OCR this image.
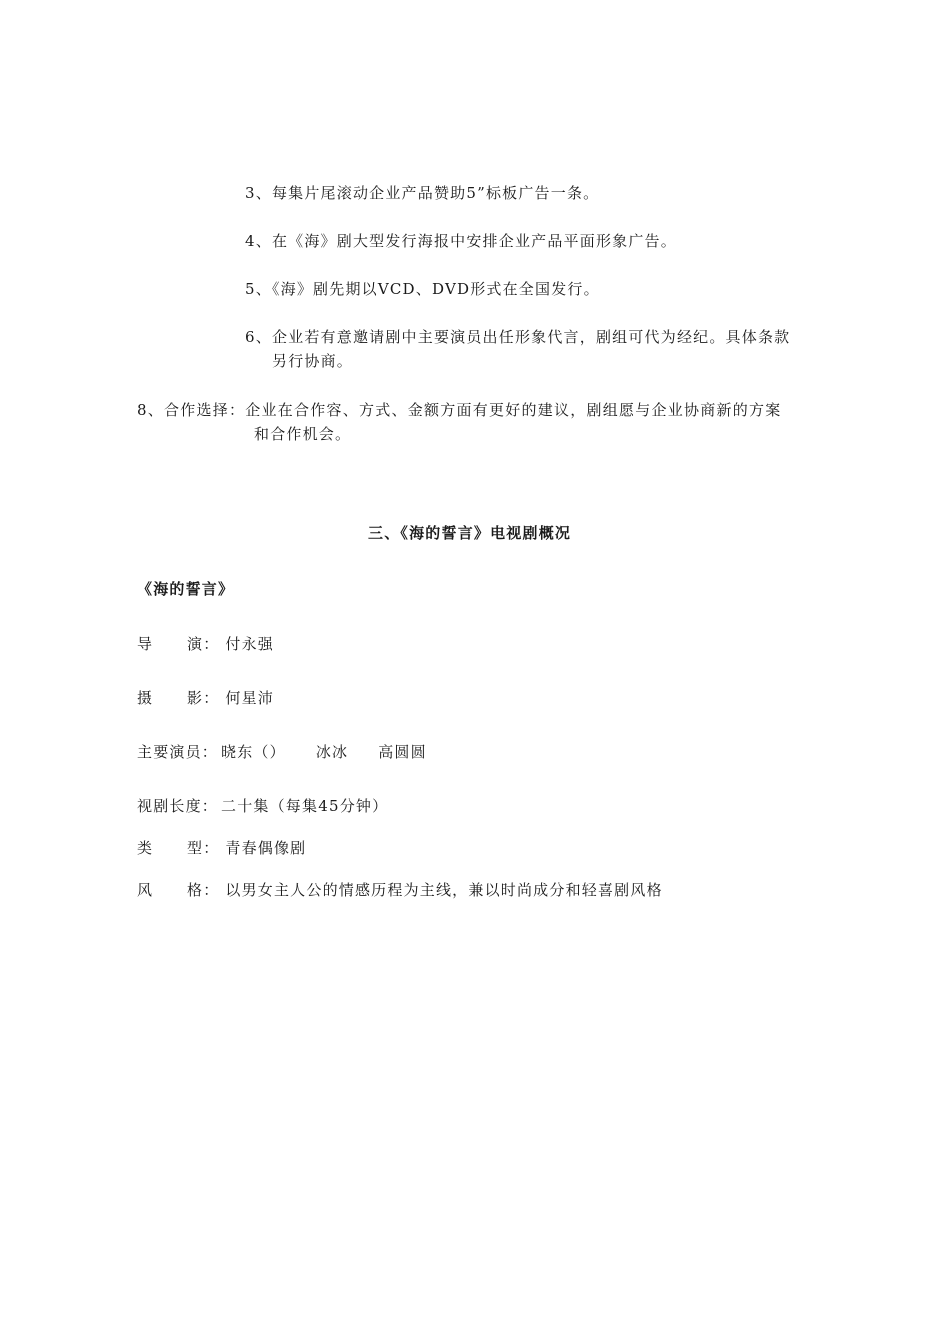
3、每集片尾滚动企业产品赞助5”标板广告一条。
4、在《海》剧大型发行海报中安排企业产品平面形象广告。
5、《海》剧先期以VCD、DVD形式在全国发行。
6、企业若有意邀请剧中主要演员出任形象代言，剧组可代为经纪。具体条款
另行协商。
8、合作选择：企业在合作容、方式、金额方面有更好的建议，剧组愿与企业协商新的方案
和合作机会。
三、《海的誓言》电视剧概况
《海的誓言》
导 演： 付永强
摄 影： 何星沛
主要演员： 晓东（） 冰冰 高圆圆
视剧长度： 二十集（每集45分钟）
类 型： 青春偶像剧
风 格： 以男女主人公的情感历程为主线，兼以时尚成分和轻喜剧风格
